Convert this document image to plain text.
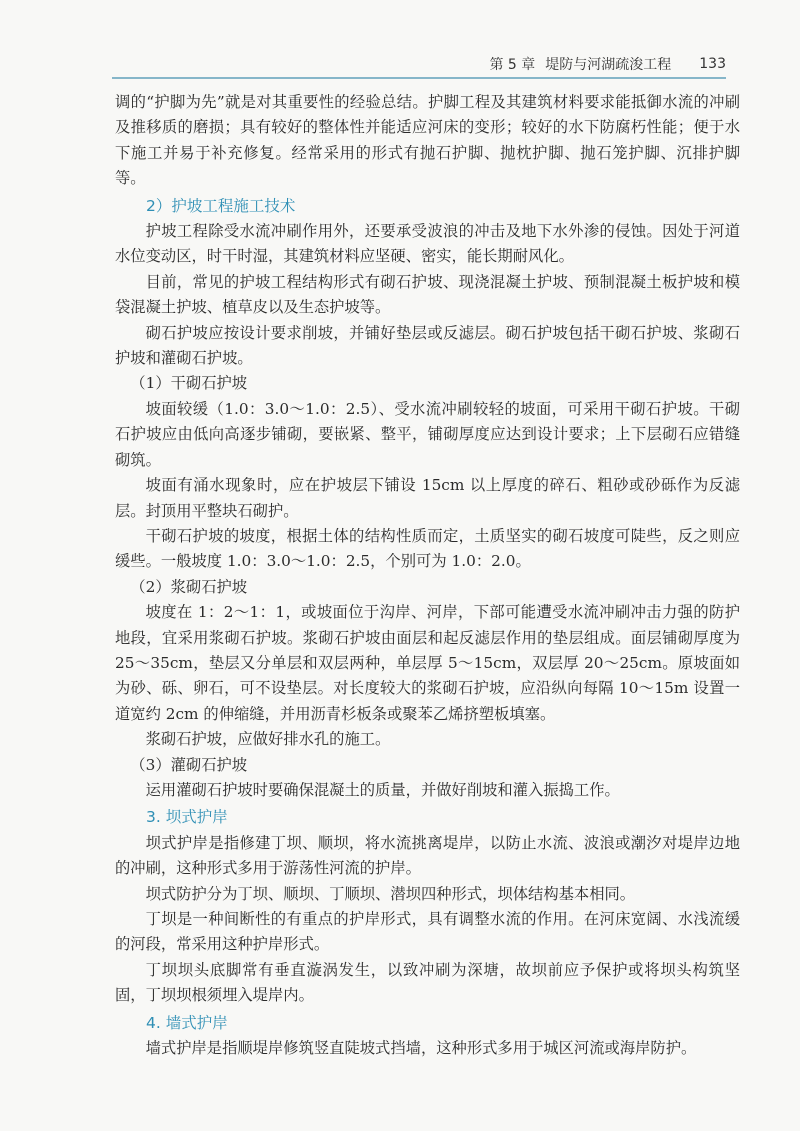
第 5 章 堤防与河湖疏浚工程 133

调的“护脚为先”就是对其重要性的经验总结。护脚工程及其建筑材料要求能抵御水流的冲刷及推移质的磨损；具有较好的整体性并能适应河床的变形；较好的水下防腐朽性能；便于水下施工并易于补充修复。经常采用的形式有抛石护脚、抛枕护脚、抛石笼护脚、沉排护脚等。

2）护坡工程施工技术

护坡工程除受水流冲刷作用外，还要承受波浪的冲击及地下水外渗的侵蚀。因处于河道水位变动区，时干时湿，其建筑材料应坚硬、密实，能长期耐风化。

目前，常见的护坡工程结构形式有砌石护坡、现浇混凝土护坡、预制混凝土板护坡和模袋混凝土护坡、植草皮以及生态护坡等。

砌石护坡应按设计要求削坡，并铺好垫层或反滤层。砌石护坡包括干砌石护坡、浆砌石护坡和灌砌石护坡。

（1）干砌石护坡

坡面较缓（1.0：3.0～1.0：2.5）、受水流冲刷较轻的坡面，可采用干砌石护坡。干砌石护坡应由低向高逐步铺砌，要嵌紧、整平，铺砌厚度应达到设计要求；上下层砌石应错缝砌筑。

坡面有涌水现象时，应在护坡层下铺设 15cm 以上厚度的碎石、粗砂或砂砾作为反滤层。封顶用平整块石砌护。

干砌石护坡的坡度，根据土体的结构性质而定，土质坚实的砌石坡度可陡些，反之则应缓些。一般坡度 1.0：3.0～1.0：2.5，个别可为 1.0：2.0。

（2）浆砌石护坡

坡度在 1：2～1：1，或坡面位于沟岸、河岸，下部可能遭受水流冲刷冲击力强的防护地段，宜采用浆砌石护坡。浆砌石护坡由面层和起反滤层作用的垫层组成。面层铺砌厚度为 25～35cm，垫层又分单层和双层两种，单层厚 5～15cm，双层厚 20～25cm。原坡面如为砂、砾、卵石，可不设垫层。对长度较大的浆砌石护坡，应沿纵向每隔 10～15m 设置一道宽约 2cm 的伸缩缝，并用沥青杉板条或聚苯乙烯挤塑板填塞。

浆砌石护坡，应做好排水孔的施工。

（3）灌砌石护坡

运用灌砌石护坡时要确保混凝土的质量，并做好削坡和灌入振捣工作。

3. 坝式护岸

坝式护岸是指修建丁坝、顺坝，将水流挑离堤岸，以防止水流、波浪或潮汐对堤岸边地的冲刷，这种形式多用于游荡性河流的护岸。

坝式防护分为丁坝、顺坝、丁顺坝、潜坝四种形式，坝体结构基本相同。

丁坝是一种间断性的有重点的护岸形式，具有调整水流的作用。在河床宽阔、水浅流缓的河段，常采用这种护岸形式。

丁坝坝头底脚常有垂直漩涡发生，以致冲刷为深塘，故坝前应予保护或将坝头构筑坚固，丁坝坝根须埋入堤岸内。

4. 墙式护岸

墙式护岸是指顺堤岸修筑竖直陡坡式挡墙，这种形式多用于城区河流或海岸防护。
